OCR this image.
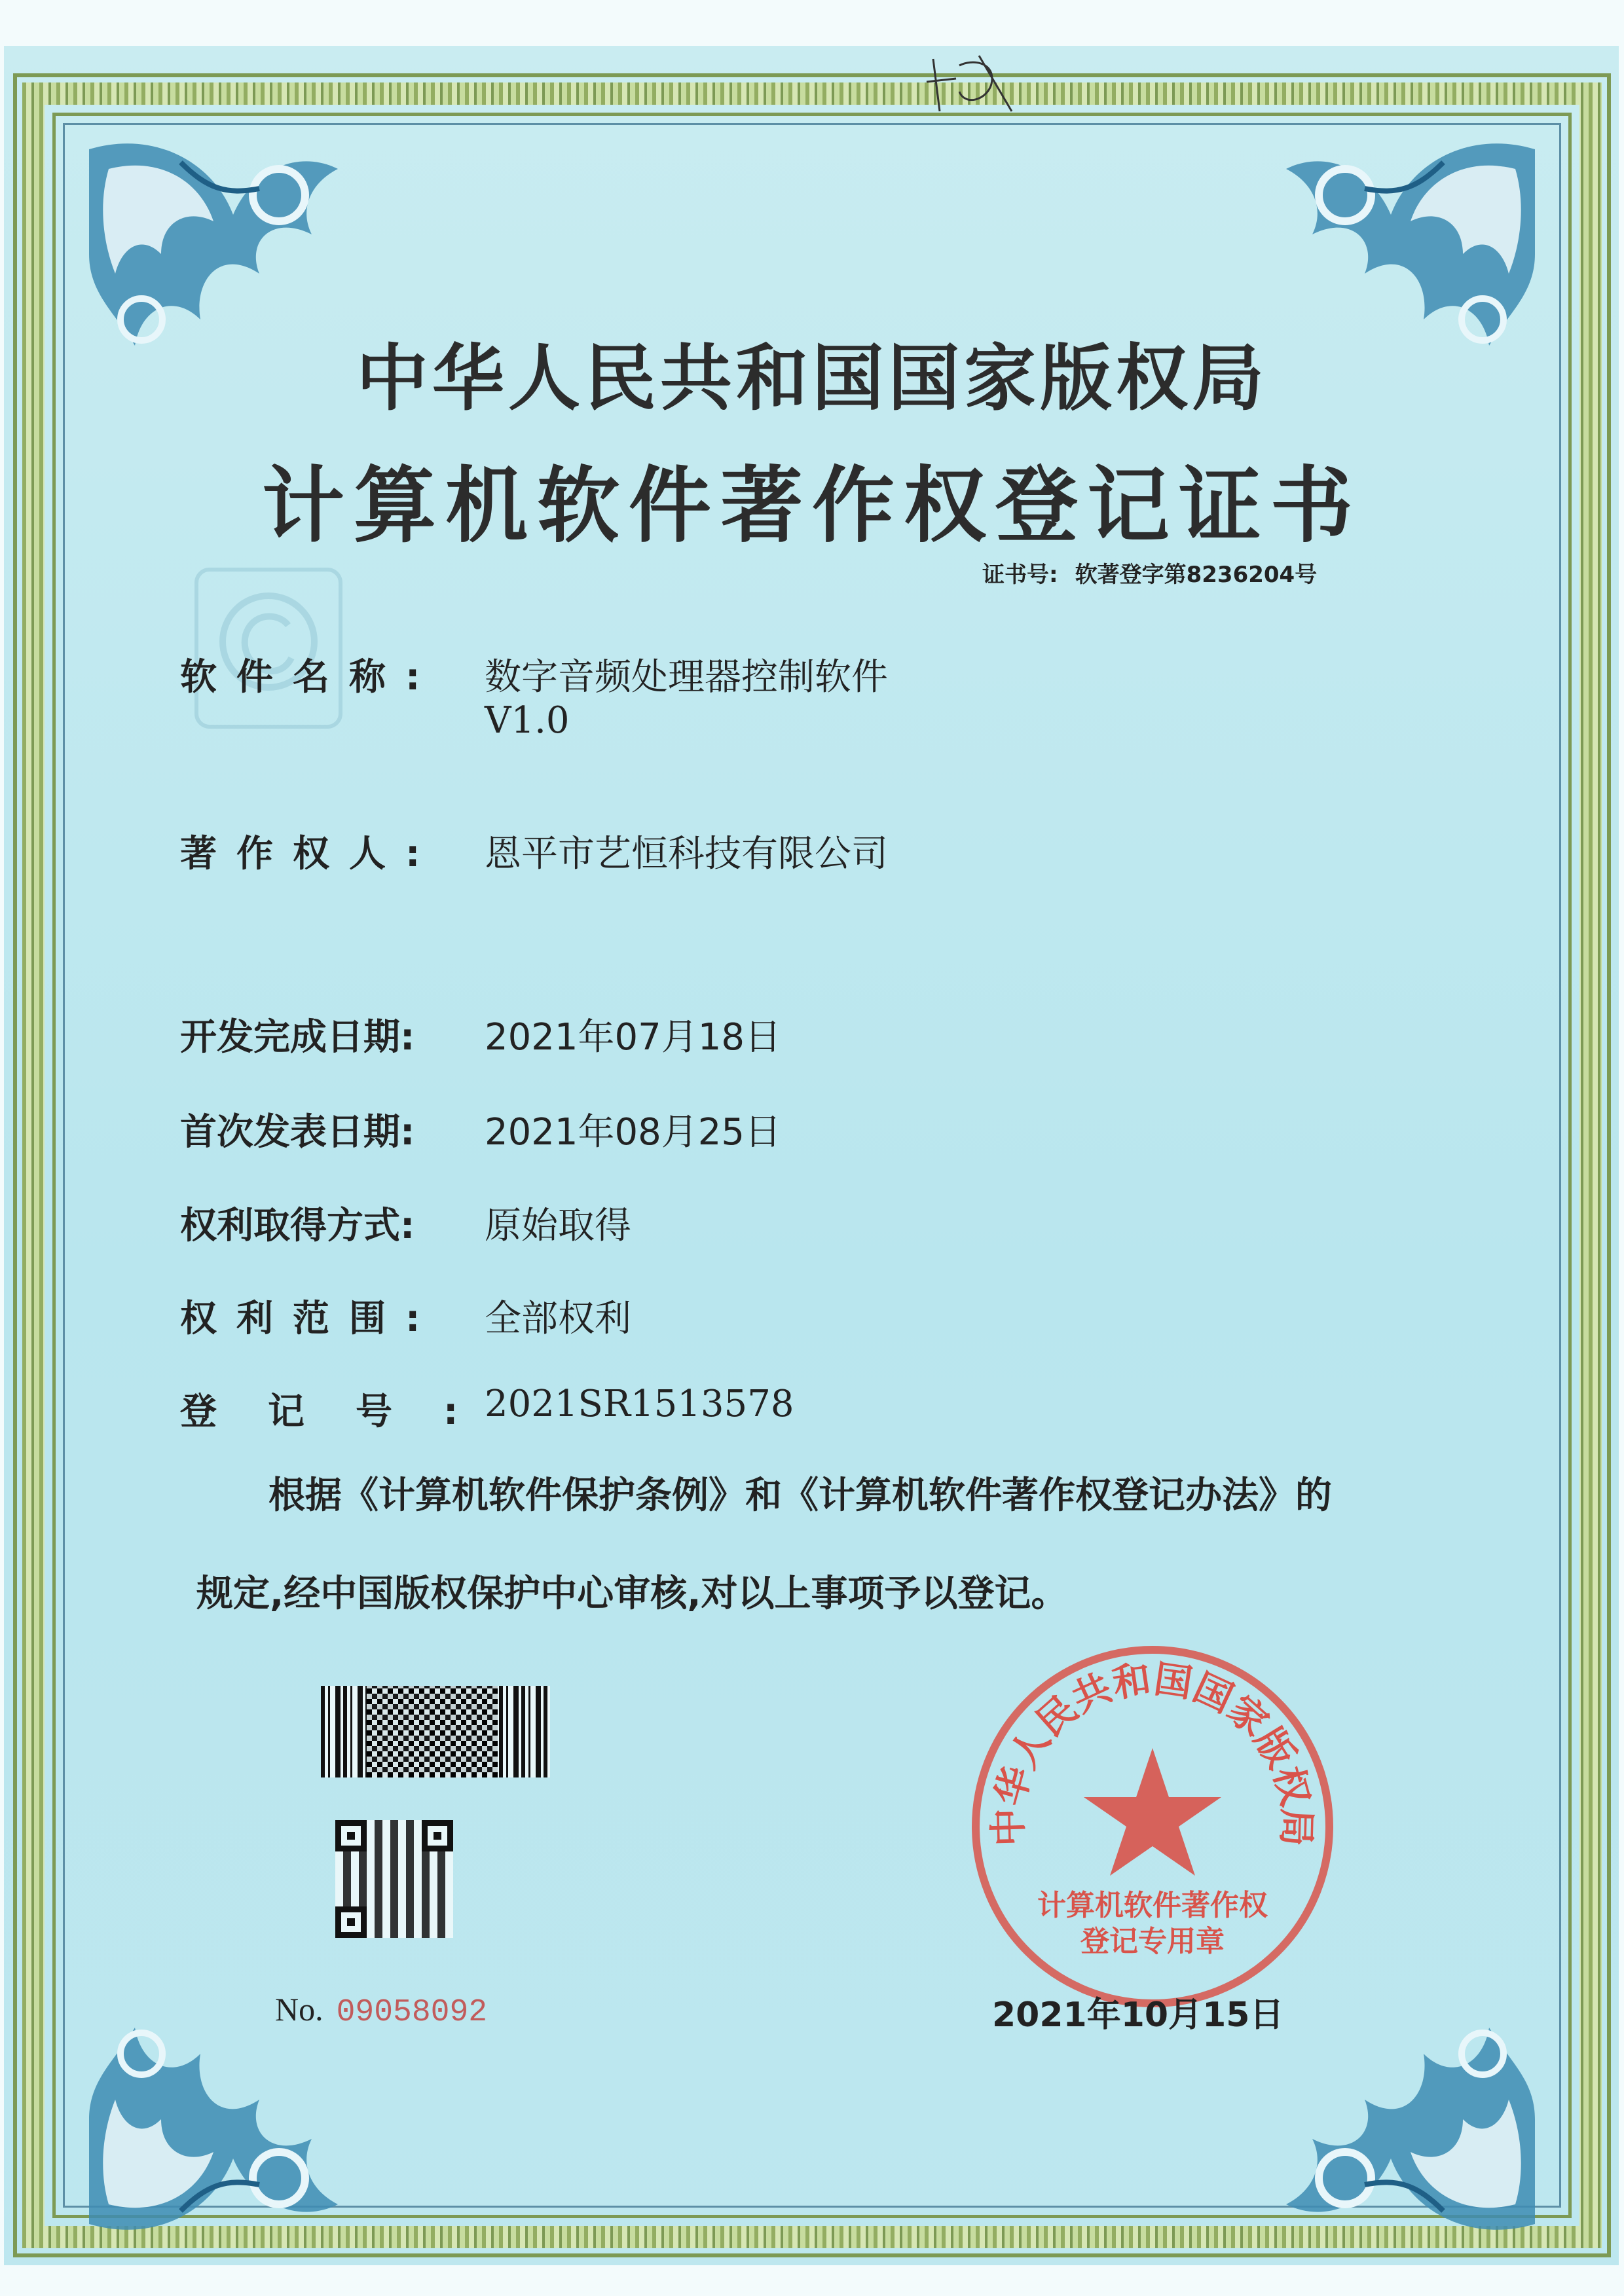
中华人民共和国国家版权局
计算机软件著作权登记证书
证书号: 软著登字第8236204号
软件名称:	数字音频处理器控制软件
V1.0
著作权人:	恩平市艺恒科技有限公司
开发完成日期:	2021年07月18日
首次发表日期:	2021年08月25日
权利取得方式:	原始取得
权利范围:	全部权利
登记号:
2021SR1513578
根据《计算机软件保护条例》和《计算机软件著作权登记办法》的
规定,经中国版权保护中心审核,对以上事项予以登记。
No. 09058092
中华人民共和国国家版权局
计算机软件著作权
登记专用章
2021年10月15日
